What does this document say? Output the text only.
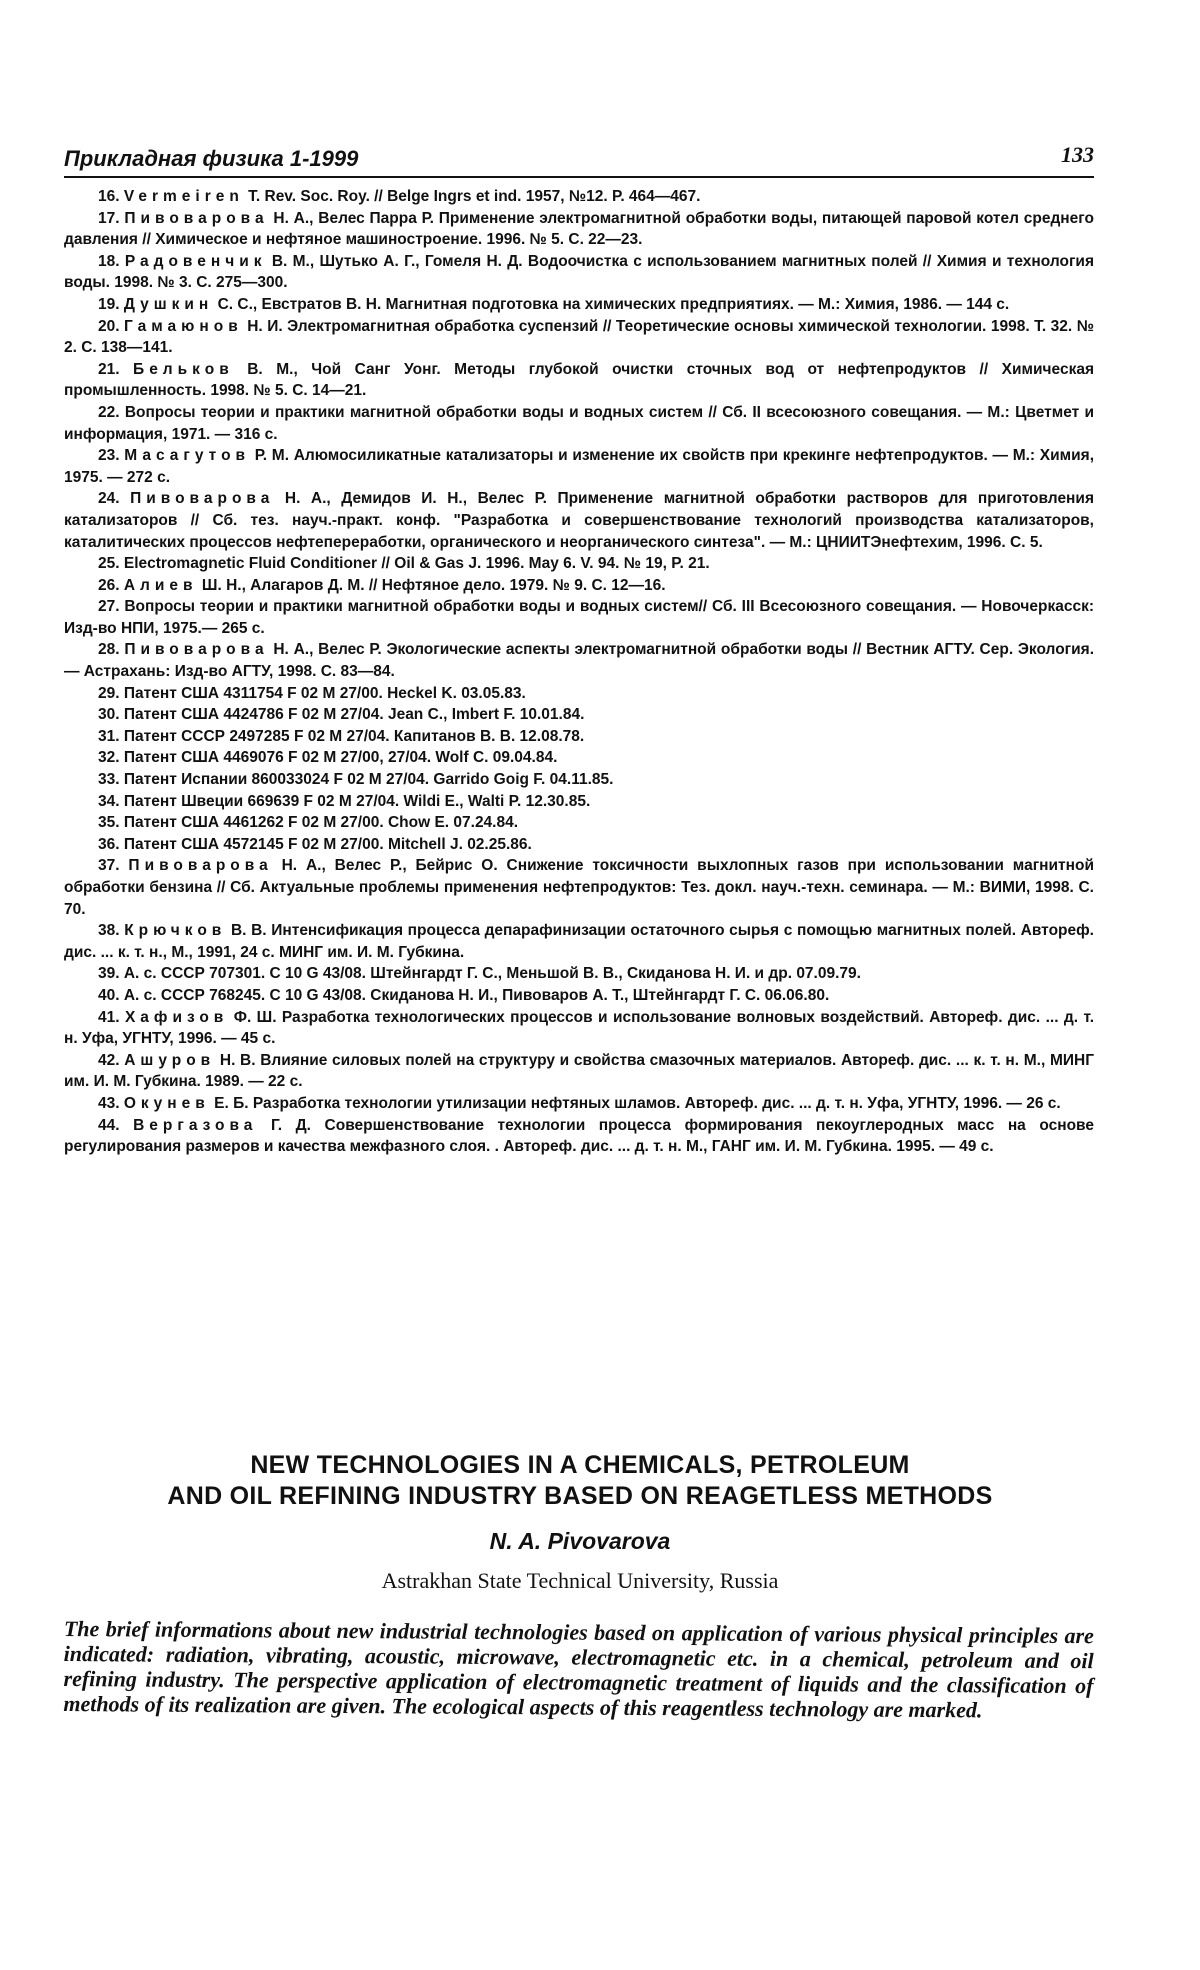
Прикладная физика 1-1999	133

16. Vermeiren T. Rev. Soc. Roy. // Belge Ingrs et ind. 1957, №12. P. 464—467.

17. Пивоварова Н. А., Велес Парра Р. Применение электромагнитной обработки воды, питающей паровой котел среднего давления // Химическое и нефтяное машиностроение. 1996. № 5. С. 22—23.

18. Радовенчик В. М., Шутько А. Г., Гомеля Н. Д. Водоочистка с использованием магнитных полей // Химия и технология воды. 1998. № 3. С. 275—300.

19. Душкин С. С., Евстратов В. Н. Магнитная подготовка на химических предприятиях. — М.: Химия, 1986. — 144 с.

20. Гамаюнов Н. И. Электромагнитная обработка суспензий // Теоретические основы химической технологии. 1998. Т. 32. № 2. С. 138—141.

21. Бельков В. М., Чой Санг Уонг. Методы глубокой очистки сточных вод от нефтепродуктов // Химическая промышленность. 1998. № 5. С. 14—21.

22. Вопросы теории и практики магнитной обработки воды и водных систем // Сб. II всесоюзного совещания. — М.: Цветмет и информация, 1971. — 316 с.

23. Масагутов Р. М. Алюмосиликатные катализаторы и изменение их свойств при крекинге нефтепродуктов. — М.: Химия, 1975. — 272 с.

24. Пивоварова Н. А., Демидов И. Н., Велес Р. Применение магнитной обработки растворов для приготовления катализаторов // Сб. тез. науч.-практ. конф. "Разработка и совершенствование технологий производства катализаторов, каталитических процессов нефтепереработки, органического и неорганического синтеза". — М.: ЦНИИТЭнефтехим, 1996. С. 5.

25. Electromagnetic Fluid Conditioner // Oil & Gas J. 1996. May 6. V. 94. № 19, P. 21.

26. Алиев Ш. Н., Алагаров Д. М. // Нефтяное дело. 1979. № 9. С. 12—16.

27. Вопросы теории и практики магнитной обработки воды и водных систем// Сб. III Всесоюзного совещания. — Новочеркасск: Изд-во НПИ, 1975.— 265 с.

28. Пивоварова Н. А., Велес Р. Экологические аспекты электромагнитной обработки воды // Вестник АГТУ. Сер. Экология.— Астрахань: Изд-во АГТУ, 1998. С. 83—84.

29. Патент США 4311754 F 02 M 27/00. Heckel K. 03.05.83.

30. Патент США 4424786 F 02 M 27/04. Jean C., Imbert F. 10.01.84.

31. Патент СССР 2497285 F 02 M 27/04. Капитанов В. В. 12.08.78.

32. Патент США 4469076 F 02 M 27/00, 27/04. Wolf C. 09.04.84.

33. Патент Испании 860033024 F 02 M 27/04. Garrido Goig F. 04.11.85.

34. Патент Швеции 669639 F 02 M 27/04. Wildi E., Walti P. 12.30.85.

35. Патент США 4461262 F 02 M 27/00. Chow E. 07.24.84.

36. Патент США 4572145 F 02 M 27/00. Mitchell J. 02.25.86.

37. Пивоварова Н. А., Велес Р., Бейрис О. Снижение токсичности выхлопных газов при использовании магнитной обработки бензина // Сб. Актуальные проблемы применения нефтепродуктов: Тез. докл. науч.-техн. семинара. — М.: ВИМИ, 1998. С. 70.

38. Крючков В. В. Интенсификация процесса депарафинизации остаточного сырья с помощью магнитных полей. Автореф. дис. ... к. т. н., М., 1991, 24 с. МИНГ им. И. М. Губкина.

39. А. с. СССР 707301. С 10 G 43/08. Штейнгардт Г. С., Меньшой В. В., Скиданова Н. И. и др. 07.09.79.

40. А. с. СССР 768245. С 10 G 43/08. Скиданова Н. И., Пивоваров А. Т., Штейнгардт Г. С. 06.06.80.

41. Хафизов Ф. Ш. Разработка технологических процессов и использование волновых воздействий. Автореф. дис. ... д. т. н. Уфа, УГНТУ, 1996. — 45 с.

42. Ашуров Н. В. Влияние силовых полей на структуру и свойства смазочных материалов. Автореф. дис. ... к. т. н. М., МИНГ им. И. М. Губкина. 1989. — 22 с.

43. Окунев Е. Б. Разработка технологии утилизации нефтяных шламов. Автореф. дис. ... д. т. н. Уфа, УГНТУ, 1996. — 26 с.

44. Вергазова Г. Д. Совершенствование технологии процесса формирования пекоуглеродных масс на основе регулирования размеров и качества межфазного слоя. . Автореф. дис. ... д. т. н. М., ГАНГ им. И. М. Губкина. 1995. — 49 с.

NEW TECHNOLOGIES IN A CHEMICALS, PETROLEUM
AND OIL REFINING INDUSTRY BASED ON REAGETLESS METHODS
N. A. Pivovarova
Astrakhan State Technical University, Russia
The brief informations about new industrial technologies based on application of various physical principles are indicated: radiation, vibrating, acoustic, microwave, electromagnetic etc. in a chemical, petroleum and oil refining industry. The perspective application of electromagnetic treatment of liquids and the classification of methods of its realization are given. The ecological aspects of this reagentless technology are marked.
